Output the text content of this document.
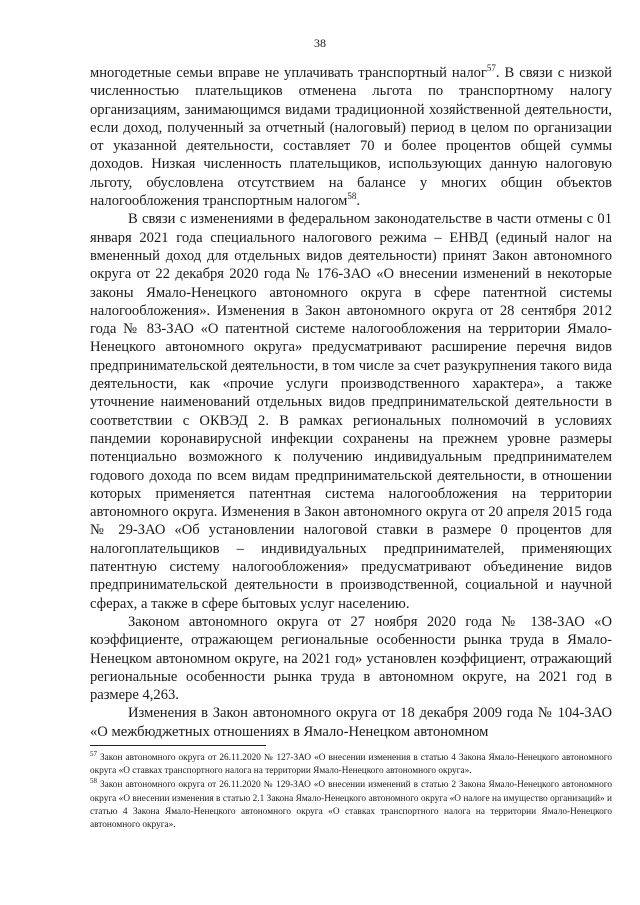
38

многодетные семьи вправе не уплачивать транспортный налог$^{57}$. В связи с низкой численностью плательщиков отменена льгота по транспортному налогу организациям, занимающимся видами традиционной хозяйственной деятельности, если доход, полученный за отчетный (налоговый) период в целом по организации от указанной деятельности, составляет 70 и более процентов общей суммы доходов. Низкая численность плательщиков, использующих данную налоговую льготу, обусловлена отсутствием на балансе у многих общин объектов налогообложения транспортным налогом$^{58}$.

В связи с изменениями в федеральном законодательстве в части отмены с 01 января 2021 года специального налогового режима – ЕНВД (единый налог на вмененный доход для отдельных видов деятельности) принят Закон автономного округа от 22 декабря 2020 года № 176-ЗАО «О внесении изменений в некоторые законы Ямало-Ненецкого автономного округа в сфере патентной системы налогообложения». Изменения в Закон автономного округа от 28 сентября 2012 года № 83-ЗАО «О патентной системе налогообложения на территории Ямало-Ненецкого автономного округа» предусматривают расширение перечня видов предпринимательской деятельности, в том числе за счет разукрупнения такого вида деятельности, как «прочие услуги производственного характера», а также уточнение наименований отдельных видов предпринимательской деятельности в соответствии с ОКВЭД 2. В рамках региональных полномочий в условиях пандемии коронавирусной инфекции сохранены на прежнем уровне размеры потенциально возможного к получению индивидуальным предпринимателем годового дохода по всем видам предпринимательской деятельности, в отношении которых применяется патентная система налогообложения на территории автономного округа. Изменения в Закон автономного округа от 20 апреля 2015 года № 29-ЗАО «Об установлении налоговой ставки в размере 0 процентов для налогоплательщиков – индивидуальных предпринимателей, применяющих патентную систему налогообложения» предусматривают объединение видов предпринимательской деятельности в производственной, социальной и научной сферах, а также в сфере бытовых услуг населению.

Законом автономного округа от 27 ноября 2020 года № 138-ЗАО «О коэффициенте, отражающем региональные особенности рынка труда в Ямало-Ненецком автономном округе, на 2021 год» установлен коэффициент, отражающий региональные особенности рынка труда в автономном округе, на 2021 год в размере 4,263.

Изменения в Закон автономного округа от 18 декабря 2009 года № 104-ЗАО «О межбюджетных отношениях в Ямало-Ненецком автономном

$^{57}$ Закон автономного округа от 26.11.2020 № 127-ЗАО «О внесении изменения в статью 4 Закона Ямало-Ненецкого автономного округа «О ставках транспортного налога на территории Ямало-Ненецкого автономного округа».

$^{58}$ Закон автономного округа от 26.11.2020 № 129-ЗАО «О внесении изменений в статью 2 Закона Ямало-Ненецкого автономного округа «О внесении изменения в статью 2.1 Закона Ямало-Ненецкого автономного округа «О налоге на имущество организаций» и статью 4 Закона Ямало-Ненецкого автономного округа «О ставках транспортного налога на территории Ямало-Ненецкого автономного округа».
